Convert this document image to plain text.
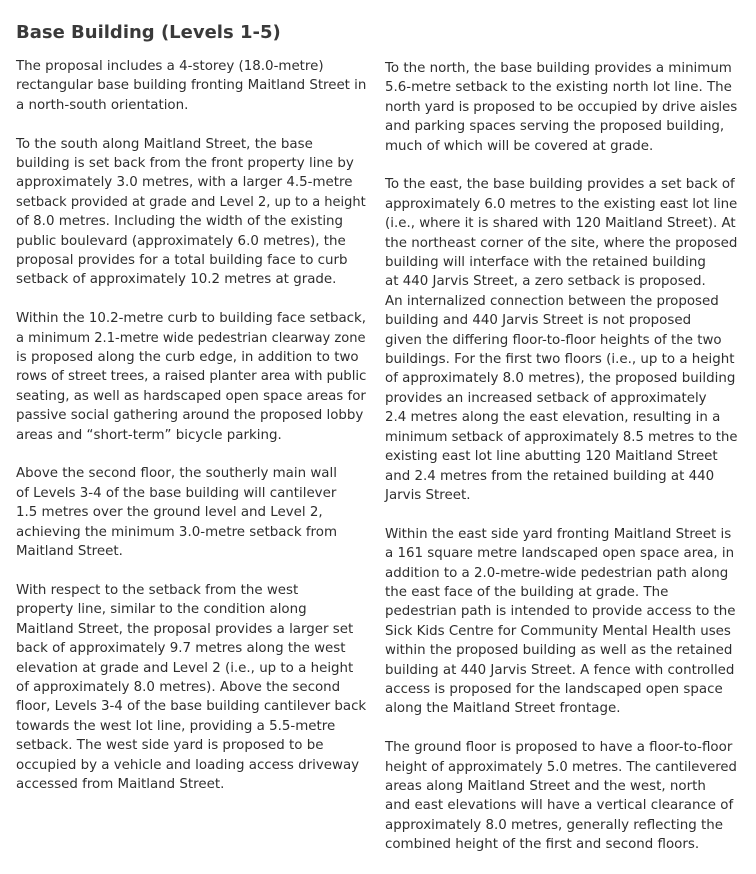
Base Building (Levels 1-5)

The proposal includes a 4-storey (18.0-metre)
rectangular base building fronting Maitland Street in
a north-south orientation.

To the south along Maitland Street, the base
building is set back from the front property line by
approximately 3.0 metres, with a larger 4.5-metre
setback provided at grade and Level 2, up to a height
of 8.0 metres. Including the width of the existing
public boulevard (approximately 6.0 metres), the
proposal provides for a total building face to curb
setback of approximately 10.2 metres at grade.

Within the 10.2-metre curb to building face setback,
a minimum 2.1-metre wide pedestrian clearway zone
is proposed along the curb edge, in addition to two
rows of street trees, a raised planter area with public
seating, as well as hardscaped open space areas for
passive social gathering around the proposed lobby
areas and “short-term” bicycle parking.

Above the second floor, the southerly main wall
of Levels 3-4 of the base building will cantilever
1.5 metres over the ground level and Level 2,
achieving the minimum 3.0-metre setback from
Maitland Street.

With respect to the setback from the west
property line, similar to the condition along
Maitland Street, the proposal provides a larger set
back of approximately 9.7 metres along the west
elevation at grade and Level 2 (i.e., up to a height
of approximately 8.0 metres). Above the second
floor, Levels 3-4 of the base building cantilever back
towards the west lot line, providing a 5.5-metre
setback. The west side yard is proposed to be
occupied by a vehicle and loading access driveway
accessed from Maitland Street.

To the north, the base building provides a minimum
5.6-metre setback to the existing north lot line. The
north yard is proposed to be occupied by drive aisles
and parking spaces serving the proposed building,
much of which will be covered at grade.

To the east, the base building provides a set back of
approximately 6.0 metres to the existing east lot line
(i.e., where it is shared with 120 Maitland Street). At
the northeast corner of the site, where the proposed
building will interface with the retained building
at 440 Jarvis Street, a zero setback is proposed.
An internalized connection between the proposed
building and 440 Jarvis Street is not proposed
given the differing floor-to-floor heights of the two
buildings. For the first two floors (i.e., up to a height
of approximately 8.0 metres), the proposed building
provides an increased setback of approximately
2.4 metres along the east elevation, resulting in a
minimum setback of approximately 8.5 metres to the
existing east lot line abutting 120 Maitland Street
and 2.4 metres from the retained building at 440
Jarvis Street.

Within the east side yard fronting Maitland Street is
a 161 square metre landscaped open space area, in
addition to a 2.0-metre-wide pedestrian path along
the east face of the building at grade. The
pedestrian path is intended to provide access to the
Sick Kids Centre for Community Mental Health uses
within the proposed building as well as the retained
building at 440 Jarvis Street. A fence with controlled
access is proposed for the landscaped open space
along the Maitland Street frontage.

The ground floor is proposed to have a floor-to-floor
height of approximately 5.0 metres. The cantilevered
areas along Maitland Street and the west, north
and east elevations will have a vertical clearance of
approximately 8.0 metres, generally reflecting the
combined height of the first and second floors.
